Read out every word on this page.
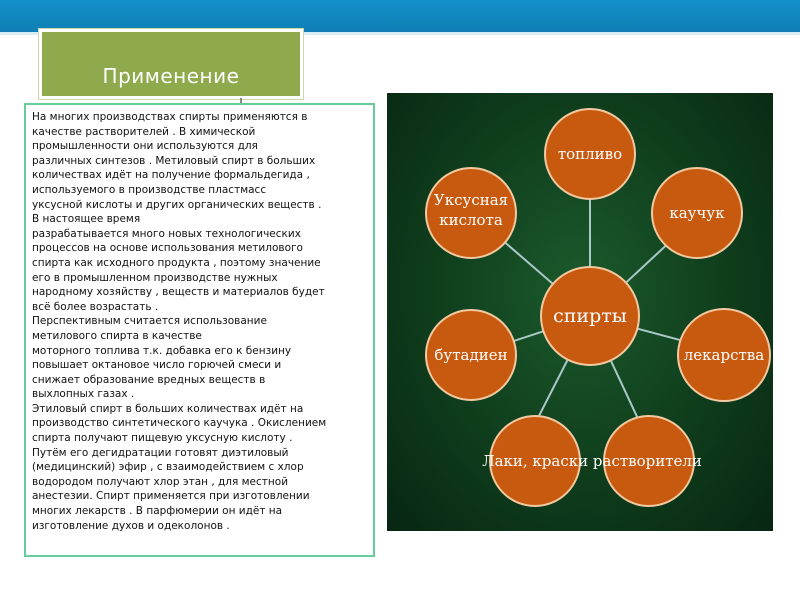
Применение
На многих производствах спирты применяются в
качестве растворителей . В химической
промышленности они используются для
различных синтезов . Метиловый спирт в больших
количествах идёт на получение формальдегида ,
используемого в производстве пластмасс
уксусной кислоты и других органических веществ .
В настоящее время
разрабатывается много новых технологических
процессов на основе использования метилового
спирта как исходного продукта , поэтому значение
его в промышленном производстве нужных
народному хозяйству , веществ и материалов будет
всё более возрастать .
Перспективным считается использование
метилового спирта в качестве
моторного топлива т.к. добавка его к бензину
повышает октановое число горючей смеси и
снижает образование вредных веществ в
выхлопных газах .
Этиловый спирт в больших количествах идёт на
производство синтетического каучука . Окислением
спирта получают пищевую уксусную кислоту .
Путём его дегидратации готовят диэтиловый
(медицинский) эфир , с взаимодействием с хлор
водородом получают хлор этан , для местной
анестезии. Спирт применяется при изготовлении
многих лекарств . В парфюмерии он идёт на
изготовление духов и одеколонов .
топливо
каучук
лекарства
Лаки, краски растворители
бутадиен
Уксусная кислота
спирты
